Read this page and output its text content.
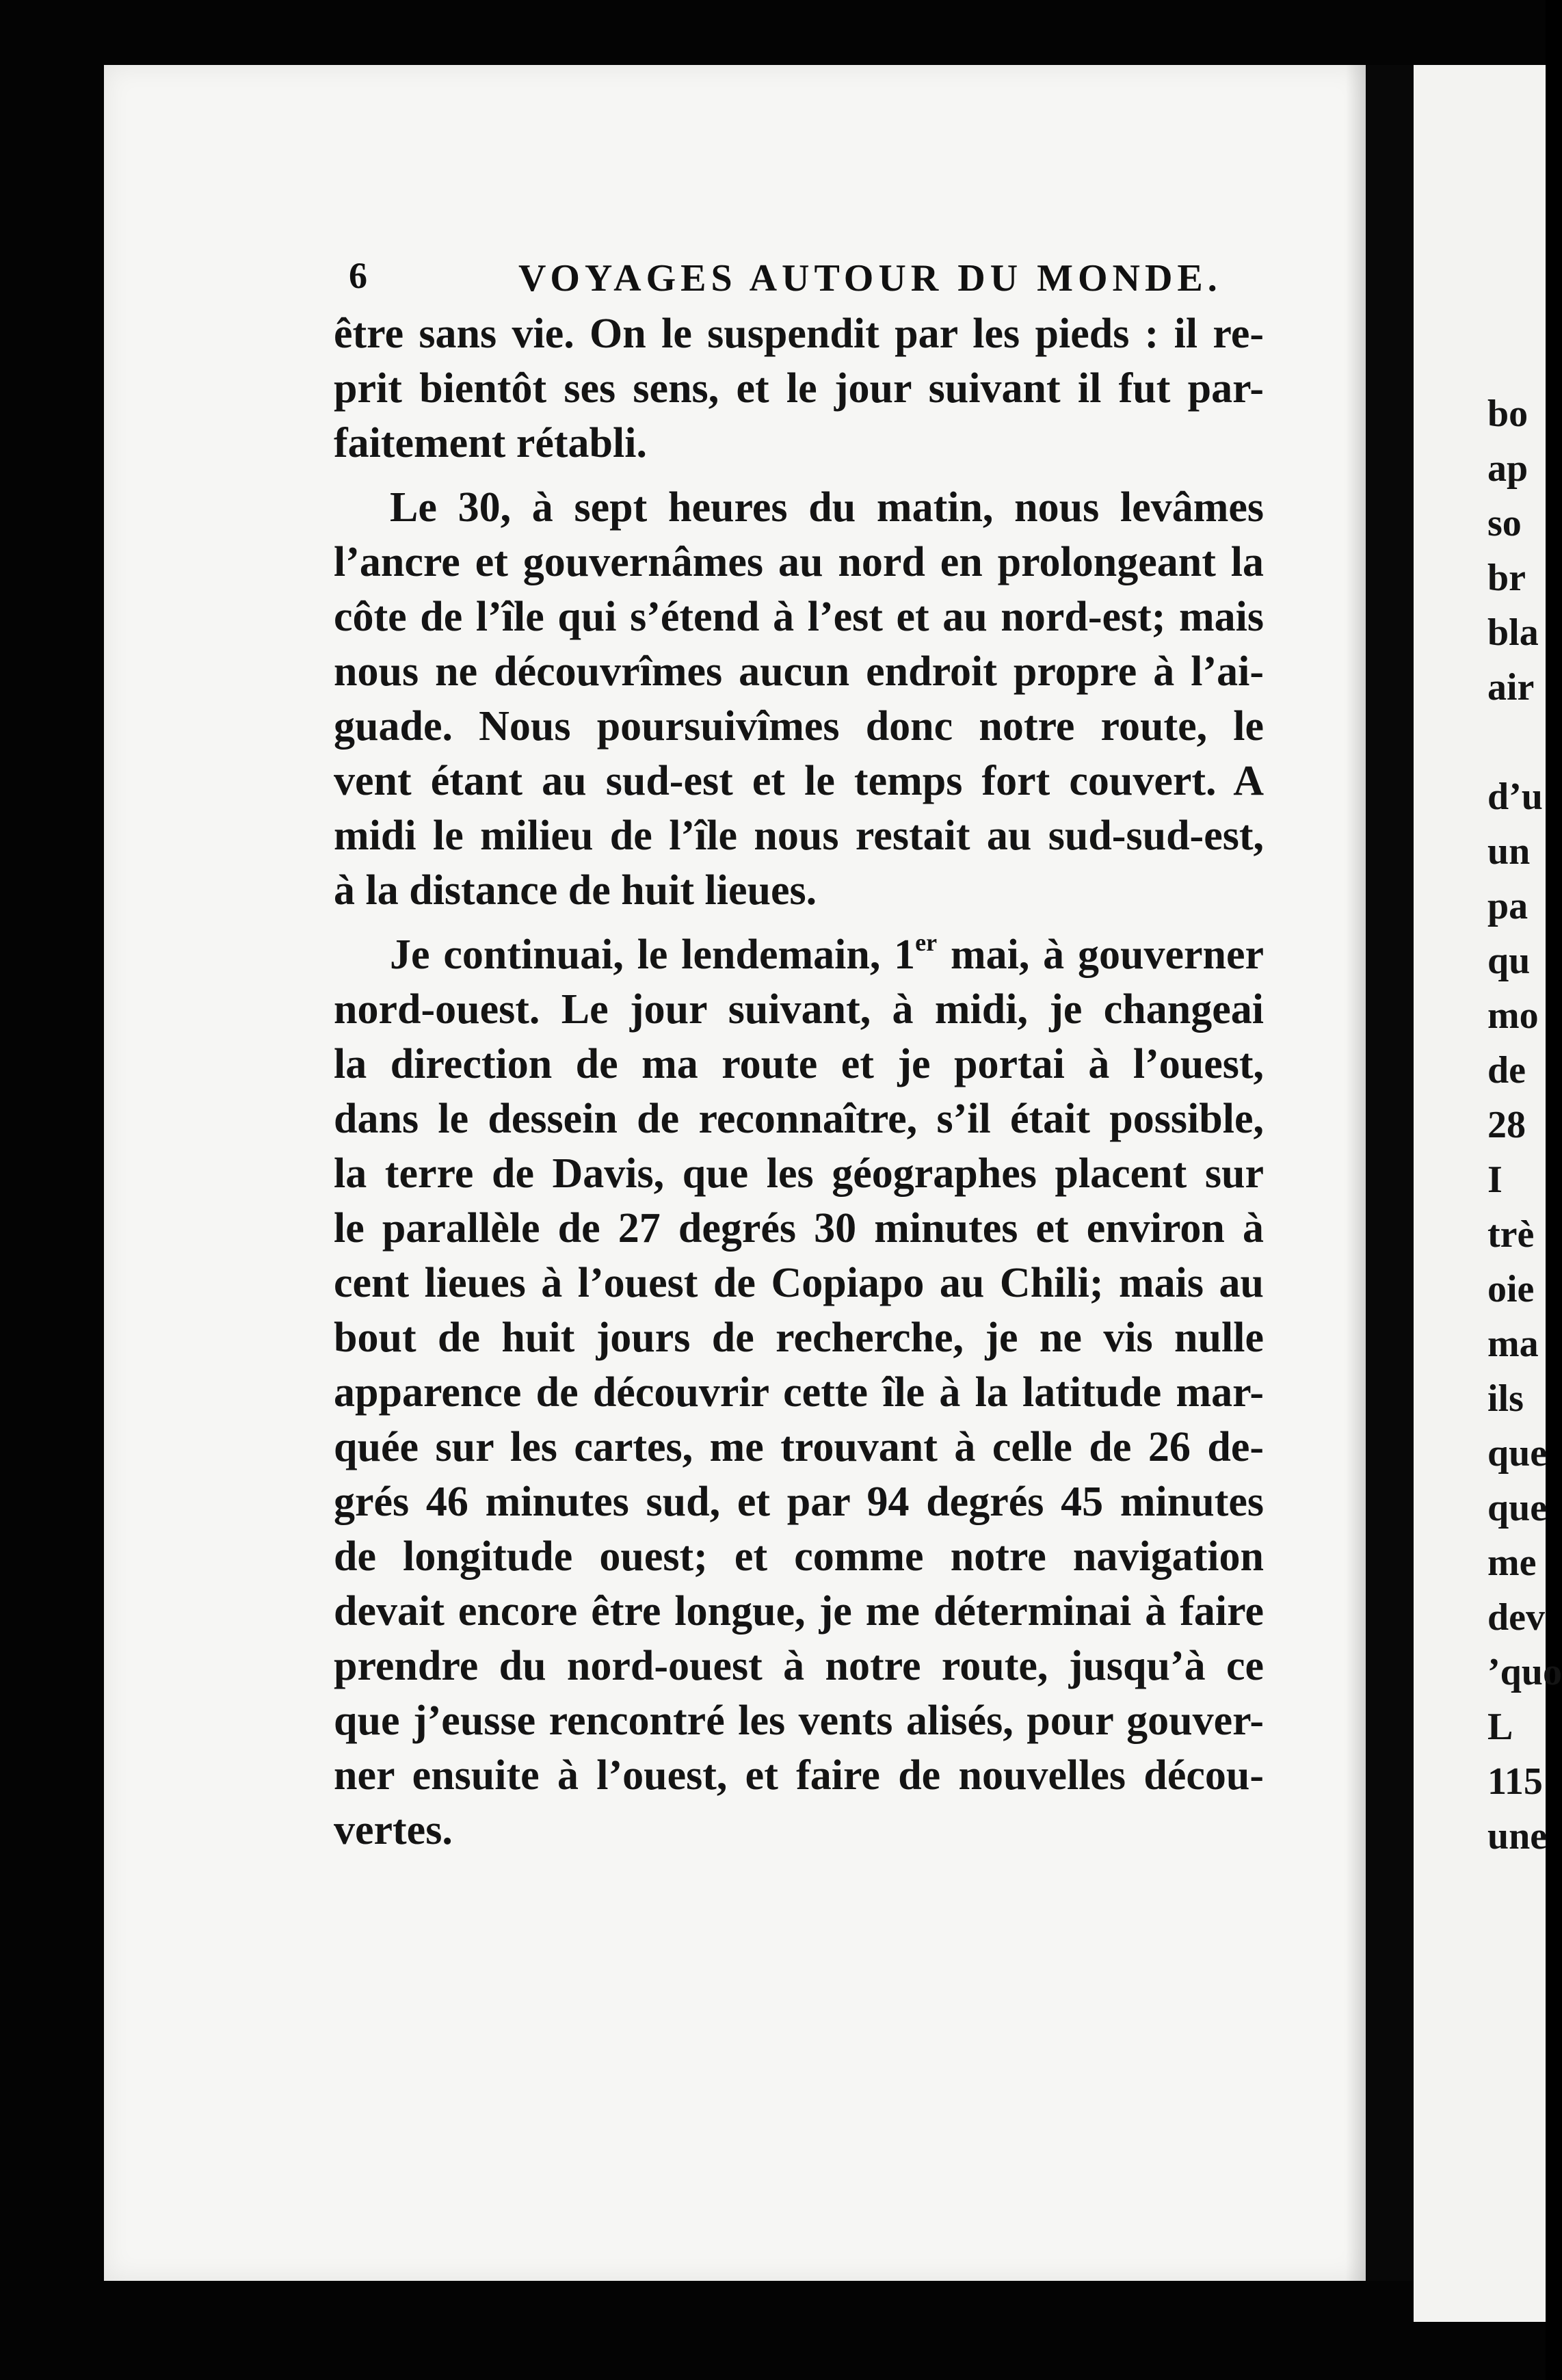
6	VOYAGES AUTOUR DU MONDE.
être sans vie. On le suspendit par les pieds : il re-
prit bientôt ses sens, et le jour suivant il fut par-
faitement rétabli.
Le 30, à sept heures du matin, nous levâmes
l’ancre et gouvernâmes au nord en prolongeant la
côte de l’île qui s’étend à l’est et au nord-est; mais
nous ne découvrîmes aucun endroit propre à l’ai-
guade. Nous poursuivîmes donc notre route, le
vent étant au sud-est et le temps fort couvert. A
midi le milieu de l’île nous restait au sud-sud-est,
à la distance de huit lieues.
Je continuai, le lendemain, 1er mai, à gouverner
nord-ouest. Le jour suivant, à midi, je changeai
la direction de ma route et je portai à l’ouest,
dans le dessein de reconnaître, s’il était possible,
la terre de Davis, que les géographes placent sur
le parallèle de 27 degrés 30 minutes et environ à
cent lieues à l’ouest de Copiapo au Chili; mais au
bout de huit jours de recherche, je ne vis nulle
apparence de découvrir cette île à la latitude mar-
quée sur les cartes, me trouvant à celle de 26 de-
grés 46 minutes sud, et par 94 degrés 45 minutes
de longitude ouest; et comme notre navigation
devait encore être longue, je me déterminai à faire
prendre du nord-ouest à notre route, jusqu’à ce
que j’eusse rencontré les vents alisés, pour gouver-
ner ensuite à l’ouest, et faire de nouvelles décou-
vertes.
bo
ap
so
br
bla
air
d’u
un
pa
qu
mo
de
28
I
trè
oie
ma
ils
que
que
me
dev
’quo
L
115
une
